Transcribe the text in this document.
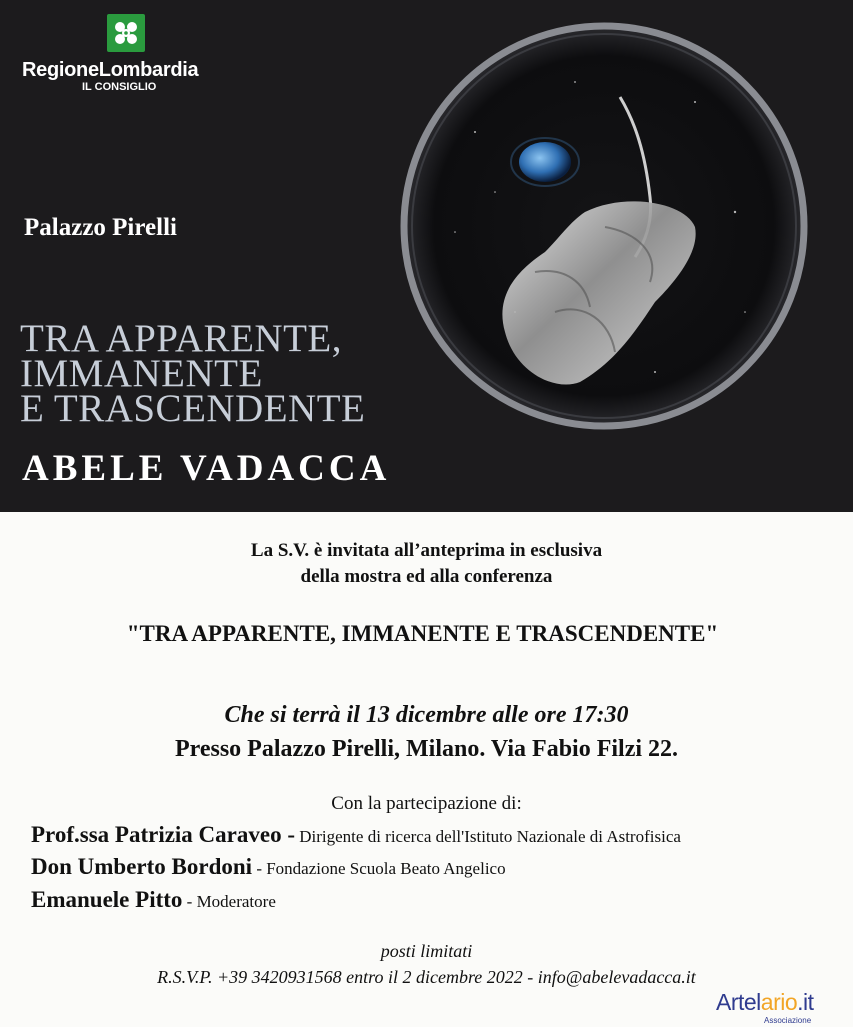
RegioneLombardia
IL CONSIGLIO
Palazzo Pirelli
TRA APPARENTE,
IMMANENTE
E TRASCENDENTE
ABELE VADACCA
La S.V. è invitata all’anteprima in esclusiva
della mostra ed alla conferenza
"TRA APPARENTE, IMMANENTE E TRASCENDENTE"
Che si terrà il 13 dicembre alle ore 17:30
Presso Palazzo Pirelli, Milano. Via Fabio Filzi 22.
Con la partecipazione di:
Prof.ssa Patrizia Caraveo - Dirigente di ricerca dell'Istituto Nazionale di Astrofisica
Don Umberto Bordoni - Fondazione Scuola Beato Angelico
Emanuele Pitto - Moderatore
posti limitati
R.S.V.P. +39 3420931568 entro il 2 dicembre 2022 - info@abelevadacca.it
Artelario.it
Associazione
